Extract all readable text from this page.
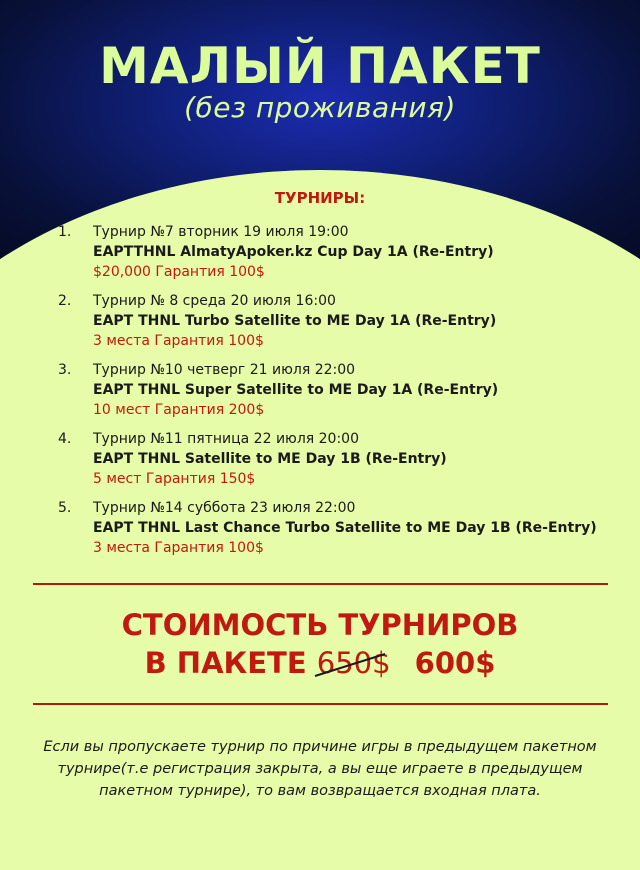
МАЛЫЙ ПАКЕТ
(без проживания)
ТУРНИРЫ:
1. Турнир №7 вторник 19 июля 19:00
EAPTTHNL AlmatyApoker.kz Cup Day 1A (Re-Entry)
$20,000 Гарантия 100$
2. Турнир № 8 среда 20 июля 16:00
EAPT THNL Turbo Satellite to ME Day 1A (Re-Entry)
3 места Гарантия 100$
3. Турнир №10 четверг 21 июля 22:00
EAPT THNL Super Satellite to ME Day 1A (Re-Entry)
10 мест Гарантия 200$
4. Турнир №11 пятница 22 июля 20:00
EAPT THNL Satellite to ME Day 1B (Re-Entry)
5 мест Гарантия 150$
5. Турнир №14 суббота 23 июля 22:00
EAPT THNL Last Chance Turbo Satellite to ME Day 1B (Re-Entry)
3 места Гарантия 100$
СТОИМОСТЬ ТУРНИРОВ
В ПАКЕТЕ 650$ 600$
Если вы пропускаете турнир по причине игры в предыдущем пакетном турнире(т.е регистрация закрыта, а вы еще играете в предыдущем пакетном турнире), то вам возвращается входная плата.
